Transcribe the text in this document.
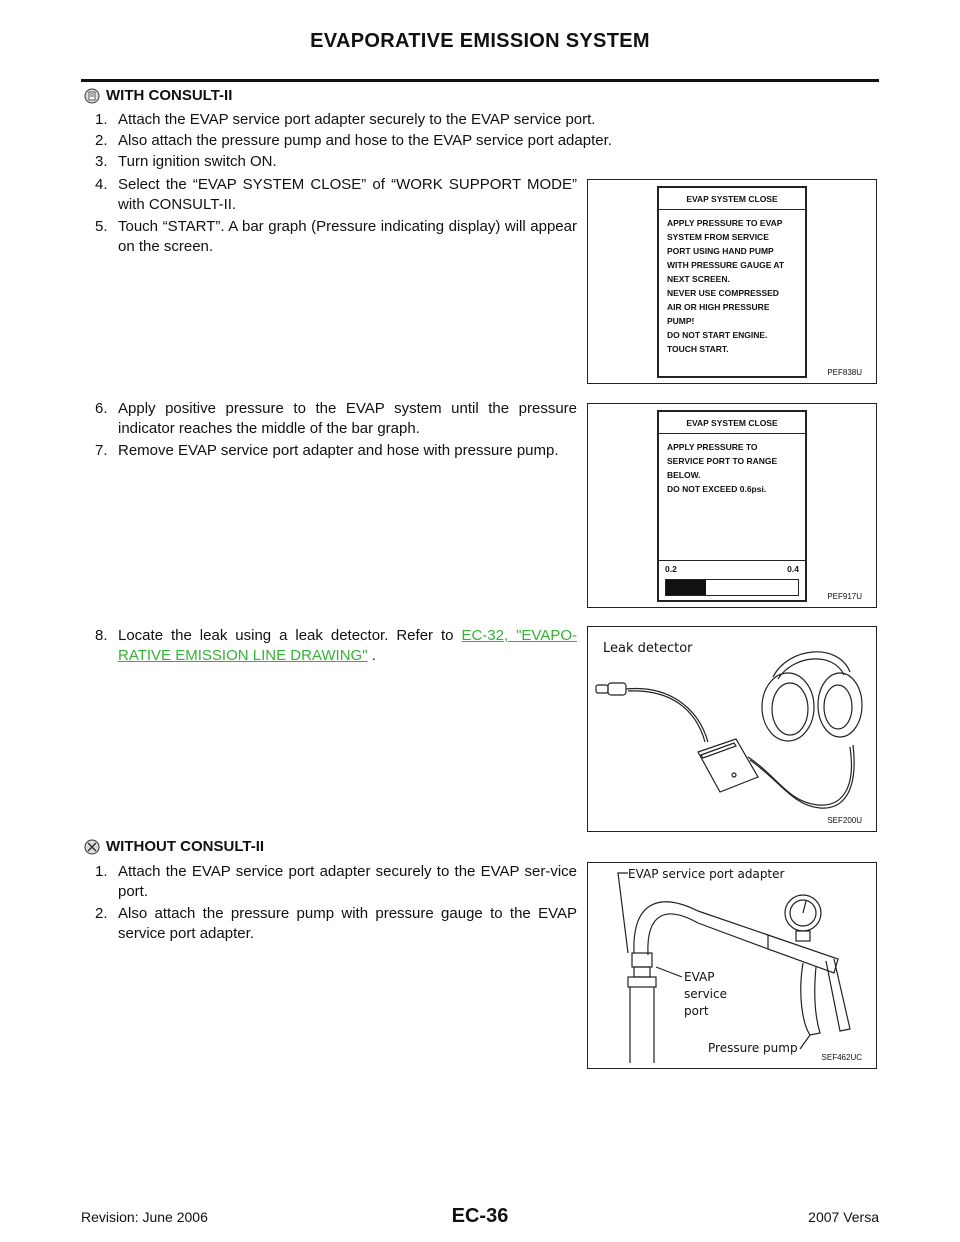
EVAPORATIVE EMISSION SYSTEM
WITH CONSULT-II
1. Attach the EVAP service port adapter securely to the EVAP service port.
2. Also attach the pressure pump and hose to the EVAP service port adapter.
3. Turn ignition switch ON.
4. Select the “EVAP SYSTEM CLOSE” of “WORK SUPPORT MODE” with CONSULT-II.
5. Touch “START”. A bar graph (Pressure indicating display) will appear on the screen.
EVAP SYSTEM CLOSE
APPLY PRESSURE TO EVAP
SYSTEM FROM SERVICE
PORT USING HAND PUMP
WITH PRESSURE GAUGE AT
NEXT SCREEN.
NEVER USE COMPRESSED
AIR OR HIGH PRESSURE
PUMP!
DO NOT START ENGINE.
TOUCH START.
PEF838U
6. Apply positive pressure to the EVAP system until the pressure indicator reaches the middle of the bar graph.
7. Remove EVAP service port adapter and hose with pressure pump.
EVAP SYSTEM CLOSE
APPLY PRESSURE TO
SERVICE PORT TO RANGE
BELOW.
DO NOT EXCEED 0.6psi.
0.2	0.4
PEF917U
8. Locate the leak using a leak detector. Refer to EC-32, "EVAPO-RATIVE EMISSION LINE DRAWING" .	Leak detector
SEF200U
WITHOUT CONSULT-II
1. Attach the EVAP service port adapter securely to the EVAP ser-vice port.
2. Also attach the pressure pump with pressure gauge to the EVAP service port adapter.
EVAP service port adapter
EVAP
service
port
Pressure pump
SEF462UC
Revision: June 2006	EC-36	2007 Versa
